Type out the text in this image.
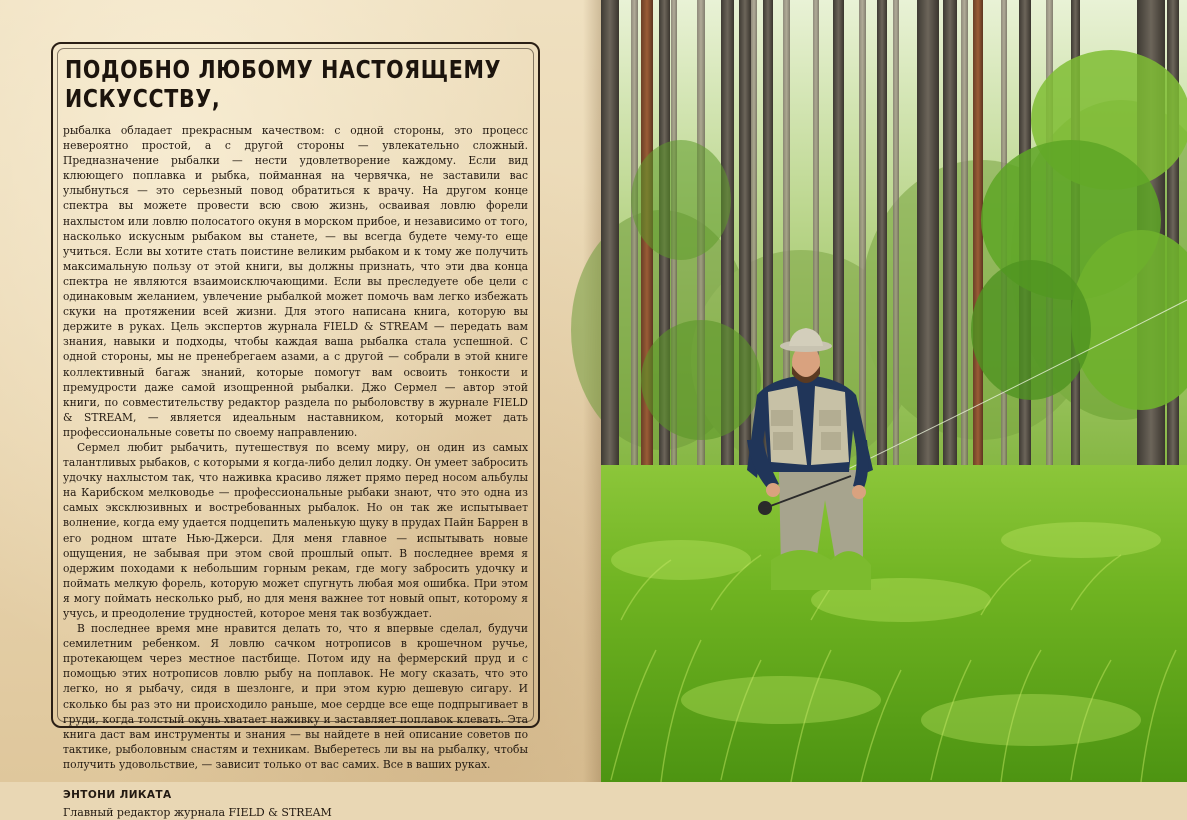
ПОДОБНО ЛЮБОМУ НАСТОЯЩЕМУ ИСКУССТВУ,

рыбалка обладает прекрасным качеством: с одной стороны, это процесс невероятно простой, а с другой стороны — увлекательно сложный. Предназначение рыбалки — нести удовлетворение каждому. Если вид клюющего поплавка и рыбка, пойманная на червячка, не заставили вас улыбнуться — это серьезный повод обратиться к врачу. На другом конце спектра вы можете провести всю свою жизнь, осваивая ловлю форели нахлыстом или ловлю полосатого окуня в морском прибое, и независимо от того, насколько искусным рыбаком вы станете, — вы всегда будете чему-то еще учиться. Если вы хотите стать поистине великим рыбаком и к тому же получить максимальную пользу от этой книги, вы должны признать, что эти два конца спектра не являются взаимоисключающими. Если вы преследуете обе цели с одинаковым желанием, увлечение рыбалкой может помочь вам легко избежать скуки на протяжении всей жизни. Для этого написана книга, которую вы держите в руках. Цель экспертов журнала FIELD & STREAM — передать вам знания, навыки и подходы, чтобы каждая ваша рыбалка стала успешной. С одной стороны, мы не пренебрегаем азами, а с другой — собрали в этой книге коллективный багаж знаний, которые помогут вам освоить тонкости и премудрости даже самой изощренной рыбалки. Джо Сермел — автор этой книги, по совместительству редактор раздела по рыболовству в журнале FIELD & STREAM, — является идеальным наставником, который может дать профессиональные советы по своему направлению.

Сермел любит рыбачить, путешествуя по всему миру, он один из самых талантливых рыбаков, с которыми я когда-либо делил лодку. Он умеет забросить удочку нахлыстом так, что наживка красиво ляжет прямо перед носом альбулы на Карибском мелководье — профессиональные рыбаки знают, что это одна из самых эксклюзивных и востребованных рыбалок. Но он так же испытывает волнение, когда ему удается подцепить маленькую щуку в прудах Пайн Баррен в его родном штате Нью-Джерси. Для меня главное — испытывать новые ощущения, не забывая при этом свой прошлый опыт. В последнее время я одержим походами к небольшим горным рекам, где могу забросить удочку и поймать мелкую форель, которую может спугнуть любая моя ошибка. При этом я могу поймать несколько рыб, но для меня важнее тот новый опыт, которому я учусь, и преодоление трудностей, которое меня так возбуждает.

В последнее время мне нравится делать то, что я впервые сделал, будучи семилетним ребенком. Я ловлю сачком нотрописов в крошечном ручье, протекающем через местное пастбище. Потом иду на фермерский пруд и с помощью этих нотрописов ловлю рыбу на поплавок. Не могу сказать, что это легко, но я рыбачу, сидя в шезлонге, и при этом курю дешевую сигару. И сколько бы раз это ни происходило раньше, мое сердце все еще подпрыгивает в груди, когда толстый окунь хватает наживку и заставляет поплавок клевать. Эта книга даст вам инструменты и знания — вы найдете в ней описание советов по тактике, рыболовным снастям и техникам. Выберетесь ли вы на рыбалку, чтобы получить удовольствие, — зависит только от вас самих. Все в ваших руках.

ЭНТОНИ ЛИКАТА
Главный редактор журнала FIELD & STREAM
